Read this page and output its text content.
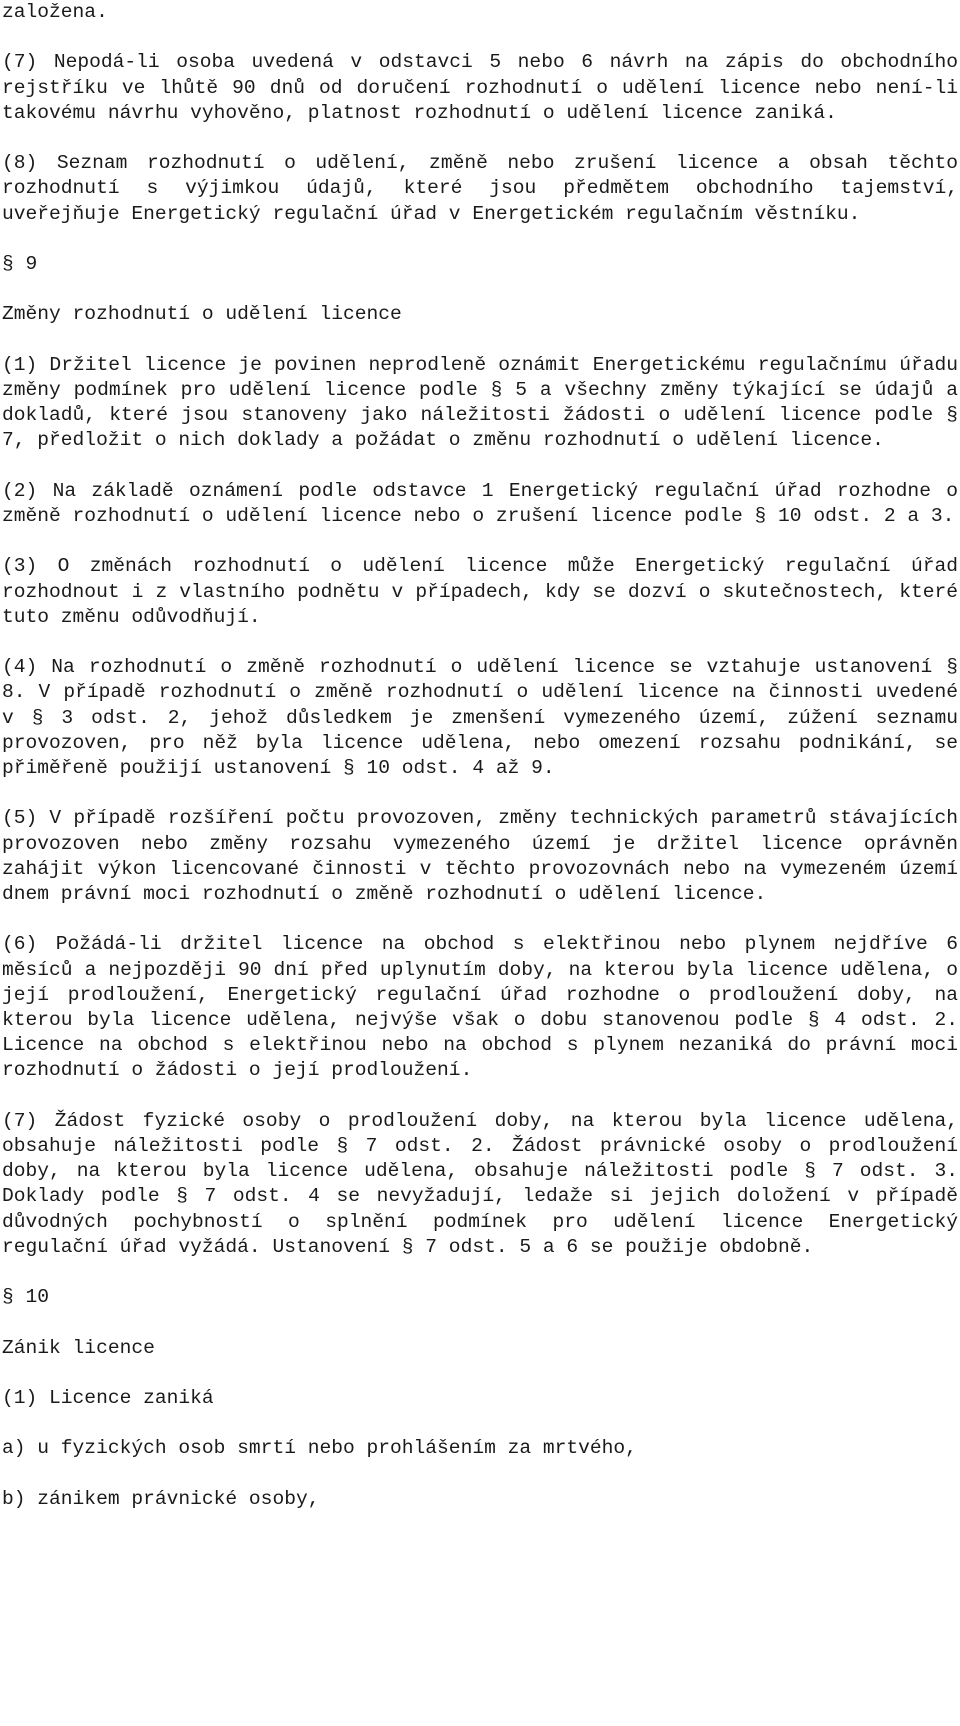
založena.

(7) Nepodá-li osoba uvedená v odstavci 5 nebo 6 návrh na zápis do obchodního rejstříku ve lhůtě 90 dnů od doručení rozhodnutí o udělení licence nebo není-li takovému návrhu vyhověno, platnost rozhodnutí o udělení licence zaniká.

(8) Seznam rozhodnutí o udělení, změně nebo zrušení licence a obsah těchto rozhodnutí s výjimkou údajů, které jsou předmětem obchodního tajemství, uveřejňuje Energetický regulační úřad v Energetickém regulačním věstníku.

§ 9

Změny rozhodnutí o udělení licence

(1) Držitel licence je povinen neprodleně oznámit Energetickému regulačnímu úřadu změny podmínek pro udělení licence podle § 5 a všechny změny týkající se údajů a dokladů, které jsou stanoveny jako náležitosti žádosti o udělení licence podle § 7, předložit o nich doklady a požádat o změnu rozhodnutí o udělení licence.

(2) Na základě oznámení podle odstavce 1 Energetický regulační úřad rozhodne o změně rozhodnutí o udělení licence nebo o zrušení licence podle § 10 odst. 2 a 3.

(3) O změnách rozhodnutí o udělení licence může Energetický regulační úřad rozhodnout i z vlastního podnětu v případech, kdy se dozví o skutečnostech, které tuto změnu odůvodňují.

(4) Na rozhodnutí o změně rozhodnutí o udělení licence se vztahuje ustanovení § 8. V případě rozhodnutí o změně rozhodnutí o udělení licence na činnosti uvedené v § 3 odst. 2, jehož důsledkem je zmenšení vymezeného území, zúžení seznamu provozoven, pro něž byla licence udělena, nebo omezení rozsahu podnikání, se přiměřeně použijí ustanovení § 10 odst. 4 až 9.

(5) V případě rozšíření počtu provozoven, změny technických parametrů stávajících provozoven nebo změny rozsahu vymezeného území je držitel licence oprávněn zahájit výkon licencované činnosti v těchto provozovnách nebo na vymezeném území dnem právní moci rozhodnutí o změně rozhodnutí o udělení licence.

(6) Požádá-li držitel licence na obchod s elektřinou nebo plynem nejdříve 6 měsíců a nejpozději 90 dní před uplynutím doby, na kterou byla licence udělena, o její prodloužení, Energetický regulační úřad rozhodne o prodloužení doby, na kterou byla licence udělena, nejvýše však o dobu stanovenou podle § 4 odst. 2. Licence na obchod s elektřinou nebo na obchod s plynem nezaniká do právní moci rozhodnutí o žádosti o její prodloužení.

(7) Žádost fyzické osoby o prodloužení doby, na kterou byla licence udělena, obsahuje náležitosti podle § 7 odst. 2. Žádost právnické osoby o prodloužení doby, na kterou byla licence udělena, obsahuje náležitosti podle § 7 odst. 3. Doklady podle § 7 odst. 4 se nevyžadují, ledaže si jejich doložení v případě důvodných pochybností o splnění podmínek pro udělení licence Energetický regulační úřad vyžádá. Ustanovení § 7 odst. 5 a 6 se použije obdobně.

§ 10

Zánik licence

(1) Licence zaniká

a) u fyzických osob smrtí nebo prohlášením za mrtvého,

b) zánikem právnické osoby,
